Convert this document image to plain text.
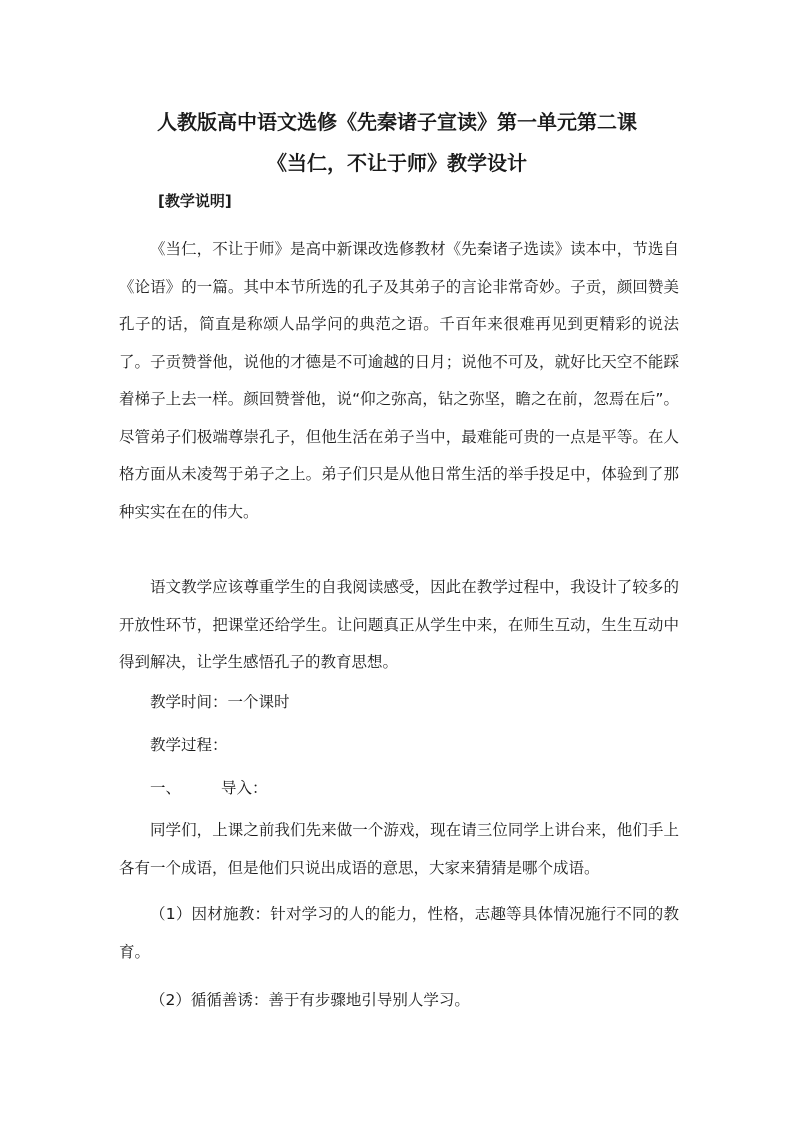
人教版高中语文选修《先秦诸子宣读》第一单元第二课
《当仁，不让于师》教学设计
[教学说明]

《当仁，不让于师》是高中新课改选修教材《先秦诸子选读》读本中，节选自《论语》的一篇。其中本节所选的孔子及其弟子的言论非常奇妙。子贡，颜回赞美孔子的话，简直是称颂人品学问的典范之语。千百年来很难再见到更精彩的说法了。子贡赞誉他，说他的才德是不可逾越的日月；说他不可及，就好比天空不能踩着梯子上去一样。颜回赞誉他，说“仰之弥高，钻之弥坚，瞻之在前，忽焉在后”。尽管弟子们极端尊崇孔子，但他生活在弟子当中，最难能可贵的一点是平等。在人格方面从未凌驾于弟子之上。弟子们只是从他日常生活的举手投足中，体验到了那种实实在在的伟大。

语文教学应该尊重学生的自我阅读感受，因此在教学过程中，我设计了较多的开放性环节，把课堂还给学生。让问题真正从学生中来，在师生互动，生生互动中得到解决，让学生感悟孔子的教育思想。

教学时间：一个课时
教学过程：
一、	导入：

同学们，上课之前我们先来做一个游戏，现在请三位同学上讲台来，他们手上各有一个成语，但是他们只说出成语的意思，大家来猜猜是哪个成语。

（1）因材施教：针对学习的人的能力，性格，志趣等具体情况施行不同的教育。

（2）循循善诱：善于有步骤地引导别人学习。
